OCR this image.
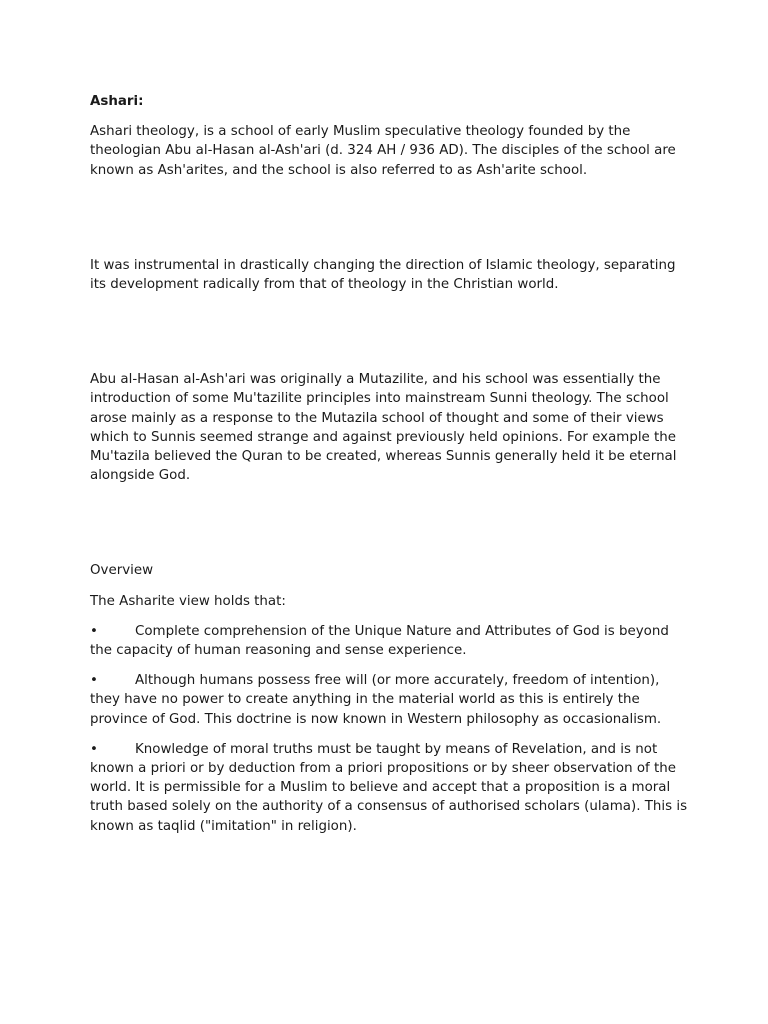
Ashari:

Ashari theology, is a school of early Muslim speculative theology founded by the theologian Abu al-Hasan al-Ash'ari (d. 324 AH / 936 AD). The disciples of the school are known as Ash'arites, and the school is also referred to as Ash'arite school.

It was instrumental in drastically changing the direction of Islamic theology, separating its development radically from that of theology in the Christian world.

Abu al-Hasan al-Ash'ari was originally a Mutazilite, and his school was essentially the introduction of some Mu'tazilite principles into mainstream Sunni theology. The school arose mainly as a response to the Mutazila school of thought and some of their views which to Sunnis seemed strange and against previously held opinions. For example the Mu'tazila believed the Quran to be created, whereas Sunnis generally held it be eternal alongside God.

Overview

The Asharite view holds that:

•	Complete comprehension of the Unique Nature and Attributes of God is beyond the capacity of human reasoning and sense experience.

•	Although humans possess free will (or more accurately, freedom of intention), they have no power to create anything in the material world as this is entirely the province of God. This doctrine is now known in Western philosophy as occasionalism.

•	Knowledge of moral truths must be taught by means of Revelation, and is not known a priori or by deduction from a priori propositions or by sheer observation of the world. It is permissible for a Muslim to believe and accept that a proposition is a moral truth based solely on the authority of a consensus of authorised scholars (ulama). This is known as taqlid ("imitation" in religion).
